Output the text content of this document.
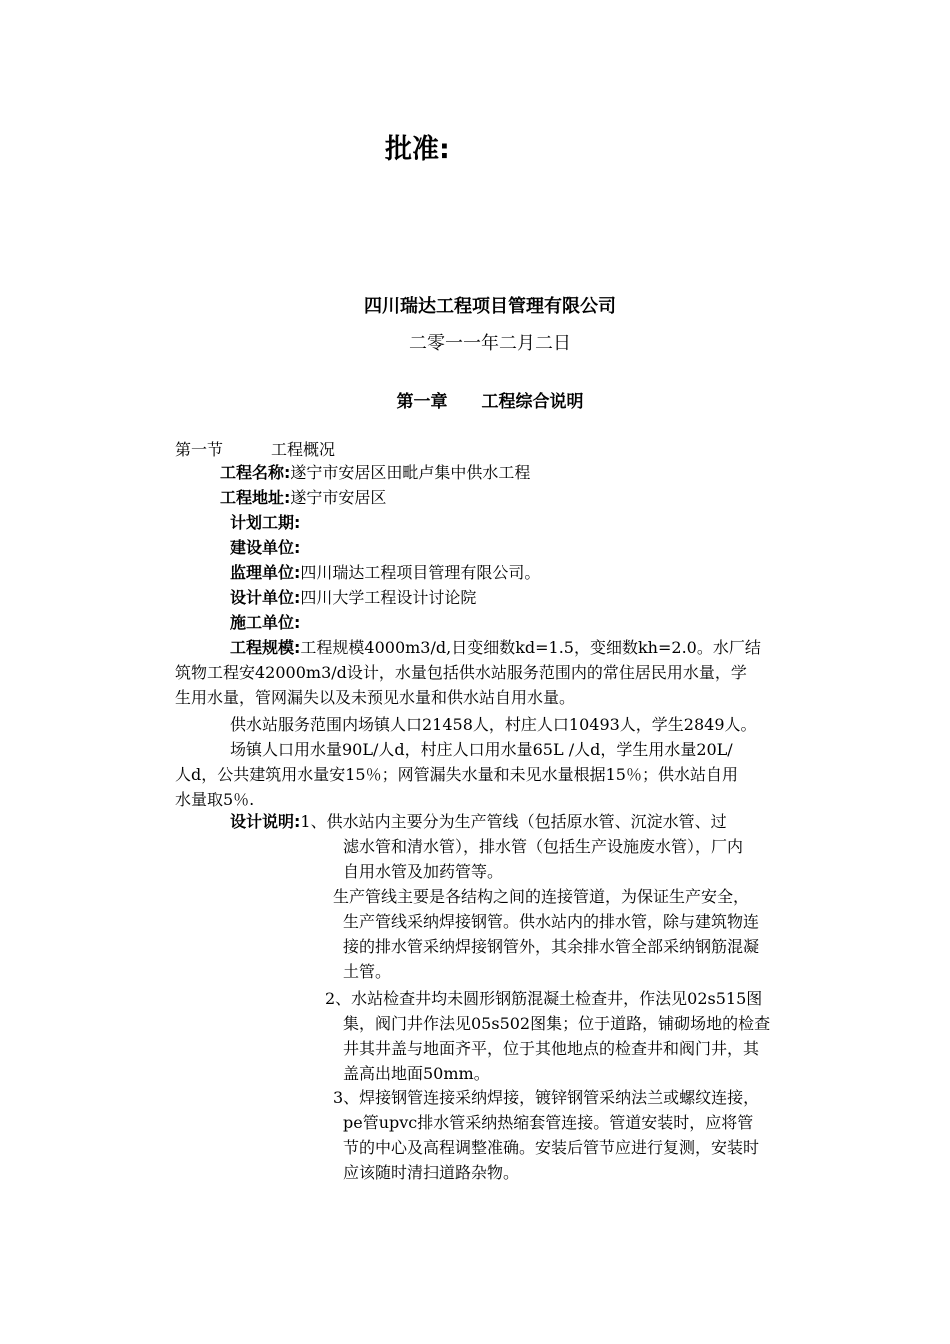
批准:
四川瑞达工程项目管理有限公司
二零一一年二月二日
第一章 工程综合说明
第一节	工程概况
工程名称:遂宁市安居区田毗卢集中供水工程
工程地址:遂宁市安居区
计划工期:
建设单位:
监理单位:四川瑞达工程项目管理有限公司。
设计单位:四川大学工程设计讨论院
施工单位:
工程规模:工程规模4000m3/d,日变细数kd=1.5，变细数kh=2.0。水厂结
筑物工程安42000m3/d设计，水量包括供水站服务范围内的常住居民用水量，学
生用水量，管网漏失以及未预见水量和供水站自用水量。
供水站服务范围内场镇人口21458人，村庄人口10493人，学生2849人。
场镇人口用水量90L/人d，村庄人口用水量65L /人d，学生用水量20L/
人d，公共建筑用水量安15％；网管漏失水量和未见水量根据15％；供水站自用
水量取5％.
设计说明:1、供水站内主要分为生产管线（包括原水管、沉淀水管、过
滤水管和清水管），排水管（包括生产设施废水管），厂内
自用水管及加药管等。
生产管线主要是各结构之间的连接管道，为保证生产安全，
生产管线采纳焊接钢管。供水站内的排水管，除与建筑物连
接的排水管采纳焊接钢管外，其余排水管全部采纳钢筋混凝
土管。
2、水站检查井均未圆形钢筋混凝土检查井，作法见02s515图
集，阀门井作法见05s502图集；位于道路，铺砌场地的检查
井其井盖与地面齐平，位于其他地点的检查井和阀门井，其
盖高出地面50mm。
3、焊接钢管连接采纳焊接，镀锌钢管采纳法兰或螺纹连接，
pe管upvc排水管采纳热缩套管连接。管道安装时，应将管
节的中心及高程调整准确。安装后管节应进行复测，安装时
应该随时清扫道路杂物。
